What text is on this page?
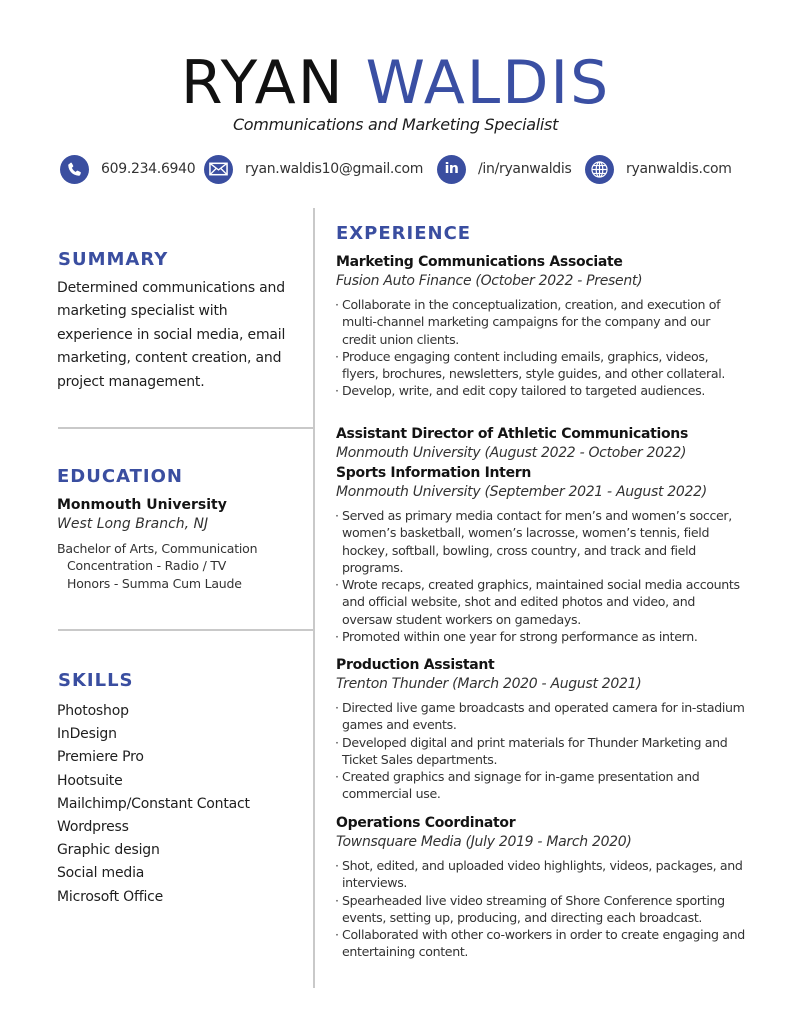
RYAN WALDIS
Communications and Marketing Specialist
609.234.6940	ryan.waldis10@gmail.com in /in/ryanwaldis	ryanwaldis.com
SUMMARY
Determined communications and marketing specialist with experience in social media, email marketing, content creation, and project management.
EDUCATION
Monmouth University
West Long Branch, NJ
Bachelor of Arts, Communication
Concentration - Radio / TV
Honors - Summa Cum Laude
SKILLS
Photoshop
InDesign
Premiere Pro
Hootsuite
Mailchimp/Constant Contact
Wordpress
Graphic design
Social media
Microsoft Office
EXPERIENCE
Marketing Communications Associate
Fusion Auto Finance (October 2022 - Present)
· Collaborate in the conceptualization, creation, and execution of multi-channel marketing campaigns for the company and our credit union clients.
· Produce engaging content including emails, graphics, videos, flyers, brochures, newsletters, style guides, and other collateral.
· Develop, write, and edit copy tailored to targeted audiences.
Assistant Director of Athletic Communications
Monmouth University (August 2022 - October 2022)
Sports Information Intern
Monmouth University (September 2021 - August 2022)
· Served as primary media contact for men’s and women’s soccer, women’s basketball, women’s lacrosse, women’s tennis, field hockey, softball, bowling, cross country, and track and field programs.
· Wrote recaps, created graphics, maintained social media accounts and official website, shot and edited photos and video, and oversaw student workers on gamedays.
· Promoted within one year for strong performance as intern.
Production Assistant
Trenton Thunder (March 2020 - August 2021)
· Directed live game broadcasts and operated camera for in-stadium games and events.
· Developed digital and print materials for Thunder Marketing and Ticket Sales departments.
· Created graphics and signage for in-game presentation and commercial use.
Operations Coordinator
Townsquare Media (July 2019 - March 2020)
· Shot, edited, and uploaded video highlights, videos, packages, and interviews.
· Spearheaded live video streaming of Shore Conference sporting events, setting up, producing, and directing each broadcast.
· Collaborated with other co-workers in order to create engaging and entertaining content.
